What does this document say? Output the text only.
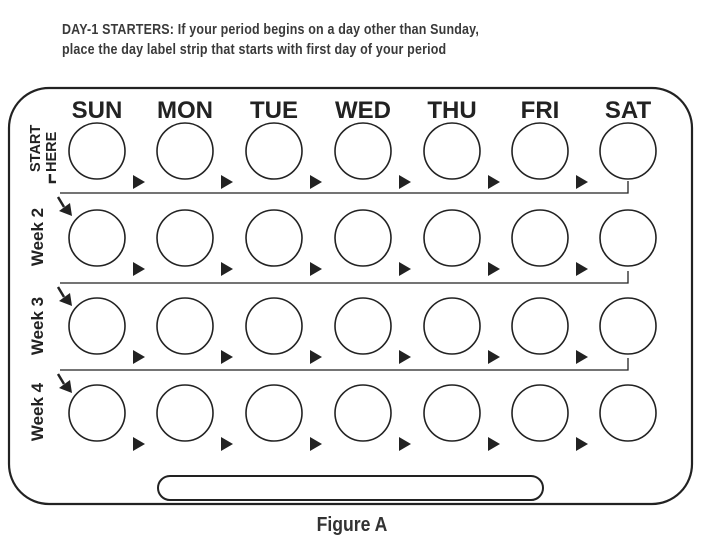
DAY-1 STARTERS: If your period begins on a day other than Sunday,
place the day label strip that starts with first day of your period
SUN MON TUE WED THU FRI SAT
START HERE
Week 2
Week 3
Week 4
Figure A
